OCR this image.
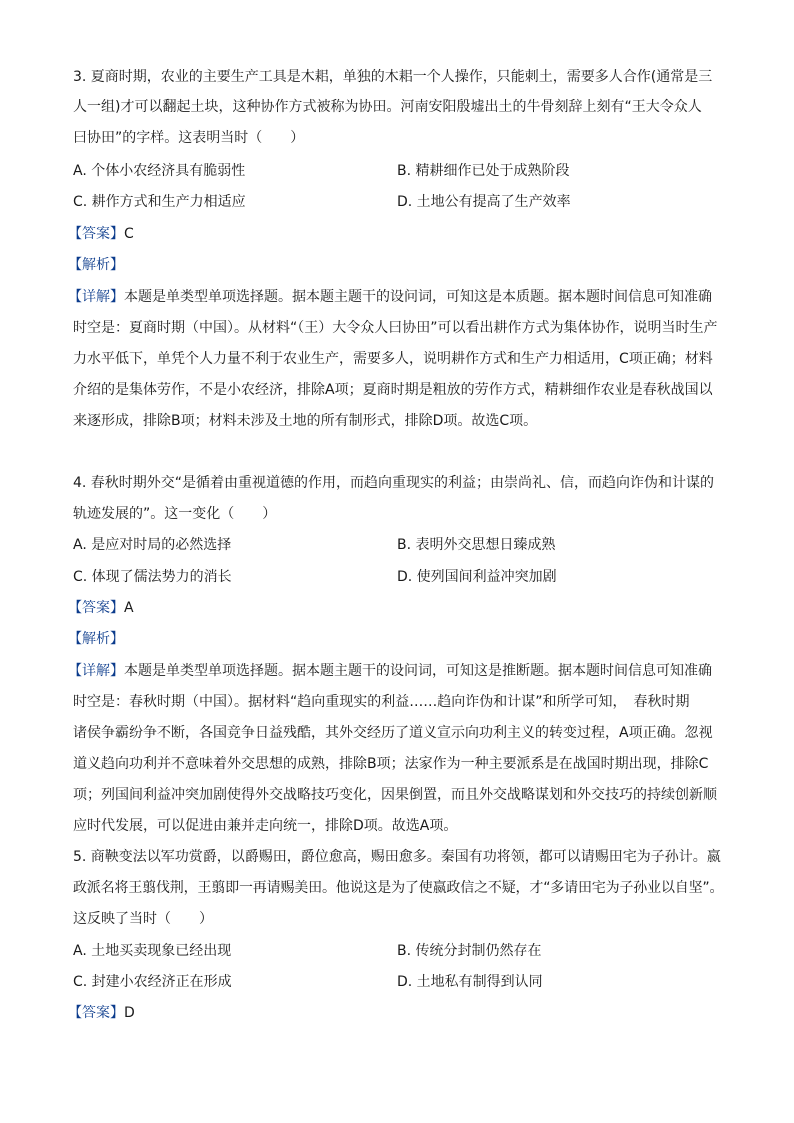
3. 夏商时期，农业的主要生产工具是木耜，单独的木耜一个人操作，只能刺土，需要多人合作(通常是三
人一组)才可以翻起土块，这种协作方式被称为协田。河南安阳殷墟出土的牛骨刻辞上刻有“王大令众人
曰协田”的字样。这表明当时（　　）
A. 个体小农经济具有脆弱性	B. 精耕细作已处于成熟阶段
C. 耕作方式和生产力相适应	D. 土地公有提高了生产效率
【答案】C
【解析】
【详解】本题是单类型单项选择题。据本题主题干的设问词，可知这是本质题。据本题时间信息可知准确
时空是：夏商时期（中国）。从材料“（王）大令众人曰协田”可以看出耕作方式为集体协作，说明当时生产
力水平低下，单凭个人力量不利于农业生产，需要多人，说明耕作方式和生产力相适用，C项正确；材料
介绍的是集体劳作，不是小农经济，排除A项；夏商时期是粗放的劳作方式，精耕细作农业是春秋战国以
来逐形成，排除B项；材料未涉及土地的所有制形式，排除D项。故选C项。
4. 春秋时期外交“是循着由重视道德的作用，而趋向重现实的利益；由崇尚礼、信，而趋向诈伪和计谋的
轨迹发展的”。这一变化（　　）
A. 是应对时局的必然选择	B. 表明外交思想日臻成熟
C. 体现了儒法势力的消长	D. 使列国间利益冲突加剧
【答案】A
【解析】
【详解】本题是单类型单项选择题。据本题主题干的设问词，可知这是推断题。据本题时间信息可知准确
时空是：春秋时期（中国）。据材料“趋向重现实的利益……趋向诈伪和计谋”和所学可知，　春秋时期
诸侯争霸纷争不断，各国竞争日益残酷，其外交经历了道义宣示向功利主义的转变过程，A项正确。忽视
道义趋向功利并不意味着外交思想的成熟，排除B项；法家作为一种主要派系是在战国时期出现，排除C
项；列国间利益冲突加剧使得外交战略技巧变化，因果倒置，而且外交战略谋划和外交技巧的持续创新顺
应时代发展，可以促进由兼并走向统一，排除D项。故选A项。
5. 商鞅变法以军功赏爵，以爵赐田，爵位愈高，赐田愈多。秦国有功将领，都可以请赐田宅为子孙计。嬴
政派名将王翦伐荆，王翦即一再请赐美田。他说这是为了使嬴政信之不疑，才“多请田宅为子孙业以自坚”。
这反映了当时（　　）
A. 土地买卖现象已经出现	B. 传统分封制仍然存在
C. 封建小农经济正在形成	D. 土地私有制得到认同
【答案】D
